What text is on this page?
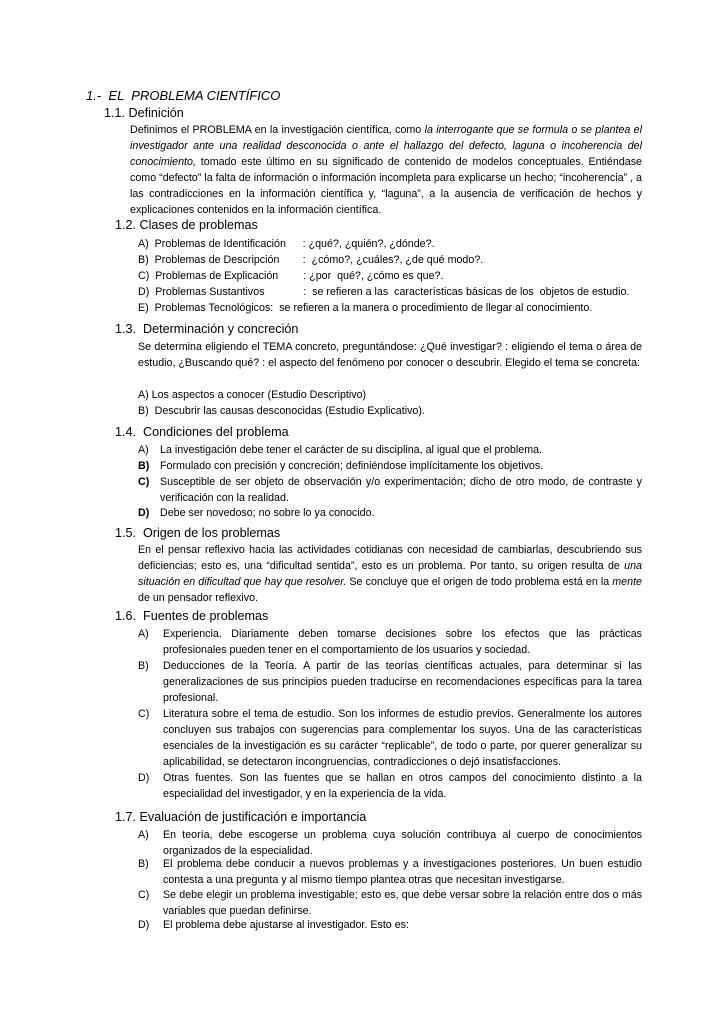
1.-  EL  PROBLEMA CIENTÍFICO
1.1. Definición
Definimos el PROBLEMA en la investigación científica, como la interrogante que se formula o se plantea el investigador ante una realidad desconocida o ante el hallazgo del defecto, laguna o incoherencia del conocimiento, tomado este último en su significado de contenido de modelos conceptuales. Entiéndase como “defecto” la falta de información o información incompleta para explicarse un hecho; “incoherencia” , a las contradicciones en la información científica y, “laguna”, a la ausencia de verificación de hechos y explicaciones contenidos en la información científica.
1.2. Clases de problemas
A) Problemas de Identificación : ¿qué?, ¿quién?, ¿dónde?.
B) Problemas de Descripción :  ¿cómo?, ¿cuáles?, ¿de qué modo?.
C) Problemas de Explicación : ¿por  qué?, ¿cómo es que?.
D) Problemas Sustantivos	:  se refieren a las  características básicas de los  objetos de estudio.
E) Problemas Tecnológicos:  se refieren a la manera o procedimiento de llegar al conocimiento.
1.3.  Determinación y concreción
Se determina eligiendo el TEMA concreto, preguntándose: ¿Qué investigar? : eligiendo el tema o área de estudio, ¿Buscando qué? : el aspecto del fenómeno por conocer o descubrir. Elegido el tema se concreta:
A) Los aspectos a conocer (Estudio Descriptivo)
B)  Descubrir las causas desconocidas (Estudio Explicativo).
1.4.  Condiciones del problema
A) La investigación debe tener el carácter de su disciplina, al igual que el problema.
B) Formulado con precisión y concreción; definiéndose implícitamente los objetivos.
C) Susceptible de ser objeto de observación y/o experimentación; dicho de otro modo, de contraste y verificación con la realidad.
D) Debe ser novedoso; no sobre lo ya conocido.
1.5.  Origen de los problemas
En el pensar reflexivo hacia las actividades cotidianas con necesidad de cambiarlas, descubriendo sus deficiencias; esto es, una “dificultad sentida”, esto es un problema. Por tanto, su origen resulta de una situación en dificultad que hay que resolver. Se concluye que el origen de todo problema está en la mente de un pensador reflexivo.
1.6.  Fuentes de problemas
A) Experiencia. Diariamente deben tomarse decisiones sobre los efectos que las prácticas profesionales pueden tener en el comportamiento de los usuarios y sociedad.
B) Deducciones de la Teoría. A partir de las teorías científicas actuales, para determinar si las generalizaciones de sus principios pueden traducirse en recomendaciones específicas para la tarea profesional.
C) Literatura sobre el tema de estudio. Son los informes de estudio previos. Generalmente los autores concluyen sus trabajos con sugerencias para complementar los suyos. Una de las características esenciales de la investigación es su carácter “replicable”, de todo o parte, por querer generalizar su aplicabilidad, se detectaron incongruencias, contradicciones o dejó insatisfacciones.
D) Otras fuentes. Son las fuentes que se hallan en otros campos del conocimiento distinto a la especialidad del investigador, y en la experiencia de la vida.
1.7. Evaluación de justificación e importancia
A) En teoría, debe escogerse un problema cuya solución contribuya al cuerpo de conocimientos organizados de la especialidad.
B) El problema debe conducir a nuevos problemas y a investigaciones posteriores. Un buen estudio contesta a una pregunta y al mismo tiempo plantea otras que necesitan investigarse.
C) Se debe elegir un problema investigable; esto es, que debe versar sobre la relación entre dos o más variables que puedan definirse.
D) El problema debe ajustarse al investigador. Esto es:
